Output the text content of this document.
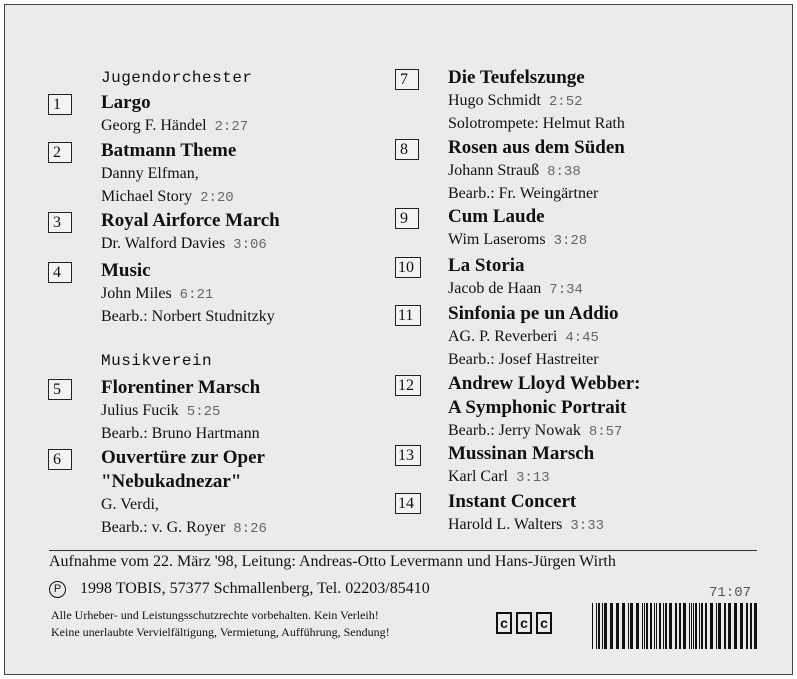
Jugendorchester
Musikverein
1	Largo
Georg F. Händel 2:27
2	Batmann Theme
Danny Elfman,
Michael Story 2:20
3	Royal Airforce March
Dr. Walford Davies 3:06
4	Music
John Miles 6:21
Bearb.: Norbert Studnitzky
5	Florentiner Marsch
Julius Fucik 5:25
Bearb.: Bruno Hartmann
6	Ouvertüre zur Oper
"Nebukadnezar"
G. Verdi,
Bearb.: v. G. Royer 8:26
7	Die Teufelszunge
Hugo Schmidt 2:52
Solotrompete: Helmut Rath
8	Rosen aus dem Süden
Johann Strauß 8:38
Bearb.: Fr. Weingärtner
9	Cum Laude
Wim Laseroms 3:28
10	La Storia
Jacob de Haan 7:34
11	Sinfonia pe un Addio
AG. P. Reverberi 4:45
Bearb.: Josef Hastreiter
12	Andrew Lloyd Webber:
A Symphonic Portrait
Bearb.: Jerry Nowak 8:57
13	Mussinan Marsch
Karl Carl 3:13
14	Instant Concert
Harold L. Walters 3:33
Aufnahme vom 22. März '98, Leitung: Andreas-Otto Levermann und Hans-Jürgen Wirth
P	1998 TOBIS, 57377 Schmallenberg, Tel. 02203/85410	71:07
Alle Urheber- und Leistungsschutzrechte vorbehalten. Kein Verleih!
Keine unerlaubte Vervielfältigung, Vermietung, Aufführung, Sendung!
c c c
